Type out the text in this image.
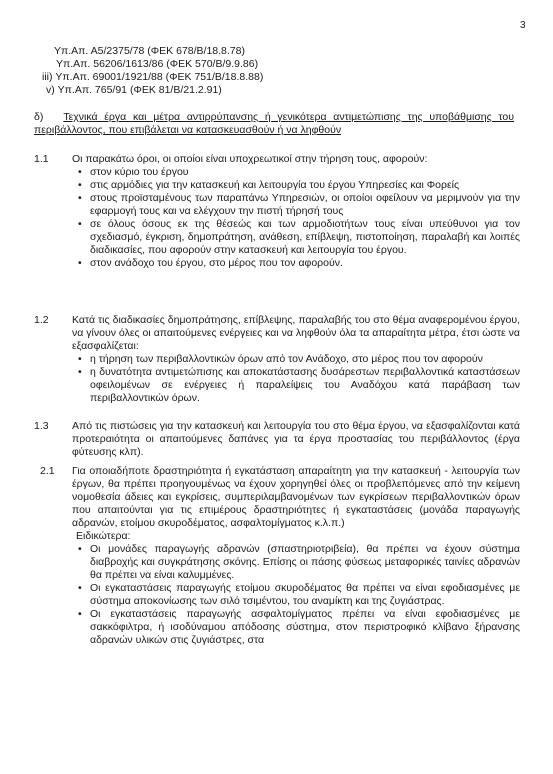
3
Υπ.Απ. Α5/2375/78 (ΦΕΚ 678/Β/18.8.78)
Υπ.Απ. 56206/1613/86 (ΦΕΚ 570/Β/9.9.86)
iii) Υπ.Απ. 69001/1921/88 (ΦΕΚ 751/Β/18.8.88)
v) Υπ.Απ. 765/91 (ΦΕΚ 81/Β/21.2.91)
δ) Τεχνικά έργα και μέτρα αντιρρύπανσης ή γενικότερα αντιμετώπισης της υποβάθμισης του περιβάλλοντος, που επιβάλεται να κατασκευασθούν ή να ληφθούν
1.1 Οι παρακάτω όροι, οι οποίοι είναι υποχρεωτικοί στην τήρηση τους, αφορούν:
• στον κύριο του έργου
• στις αρμόδιες για την κατασκευή και λειτουργία του έργου Υπηρεσίες και Φορείς
• στους προϊσταμένους των παραπάνω Υπηρεσιών, οι οποίοι οφείλουν να μεριμνούν για την εφαρμογή τους και να ελέγχουν την πιστή τήρησή τους
• σε όλους όσους εκ της θέσεώς και των αρμοδιοτήτων τους είναι υπεύθυνοι για τον σχεδιασμό, έγκριση, δημοπράτηση, ανάθεση, επίβλεψη, πιστοποίηση, παραλαβή και λοιπές διαδικασίες, που αφορούν στην κατασκευή και λειτουργία του έργου.
• στον ανάδοχο του έργου, στο μέρος που τον αφορούν.
1.2 Κατά τις διαδικασίες δημοπράτησης, επίβλεψης, παραλαβής του στο θέμα αναφερομένου έργου, να γίνουν όλες οι απαιτούμενες ενέργειες και να ληφθούν όλα τα απαραίτητα μέτρα, έτσι ώστε να εξασφαλίζεται:
• η τήρηση των περιβαλλοντικών όρων από τον Ανάδοχο, στο μέρος που τον αφορούν
• η δυνατότητα αντιμετώπισης και αποκατάστασης δυσάρεστων περιβαλλοντικά καταστάσεων οφειλομένων σε ενέργειες ή παραλείψεις του Αναδόχου κατά παράβαση των περιβαλλοντικών όρων.
1.3 Από τις πιστώσεις για την κατασκευή και λειτουργία του στο θέμα έργου, να εξασφαλίζονται κατά προτεραιότητα οι απαιτούμενες δαπάνες για τα έργα προστασίας του περιβάλλοντος (έργα φύτευσης κλπ).
2.1 Για οποιαδήποτε δραστηριότητα ή εγκατάσταση απαραίτητη για την κατασκευή - λειτουργία των έργων, θα πρέπει προηγουμένως να έχουν χορηγηθεί όλες οι προβλεπόμενες από την κείμενη νομοθεσία άδειες και εγκρίσεις, συμπεριλαμβανομένων των εγκρίσεων περιβαλλοντικών όρων που απαιτούνται για τις επιμέρους δραστηριότητες ή εγκαταστάσεις (μονάδα παραγωγής αδρανών, ετοίμου σκυροδέματος, ασφαλτομίγματος κ.λ.π.)
Ειδικώτερα:
• Οι μονάδες παραγωγής αδρανών (σπαστηριοτριβεία), θα πρέπει να έχουν σύστημα διαβροχής και συγκράτησης σκόνης. Επίσης οι πάσης φύσεως μεταφορικές ταινίες αδρανών θα πρέπει να είναι καλυμμένες.
• Οι εγκαταστάσεις παραγωγής ετοίμου σκυροδέματος θα πρέπει να είναι εφοδιασμένες με σύστημα αποκονίωσης των σιλό τσιμέντου, του αναμίκτη και της ζυγιάστρας.
• Οι εγκαταστάσεις παραγωγής ασφαλτομίγματος πρέπει να είναι εφοδιασμένες με σακκόφιλτρα, ή ισοδύναμου απόδοσης σύστημα, στον περιστροφικό κλίβανο ξήρανσης αδρανών υλικών στις ζυγιάστρες, στα
